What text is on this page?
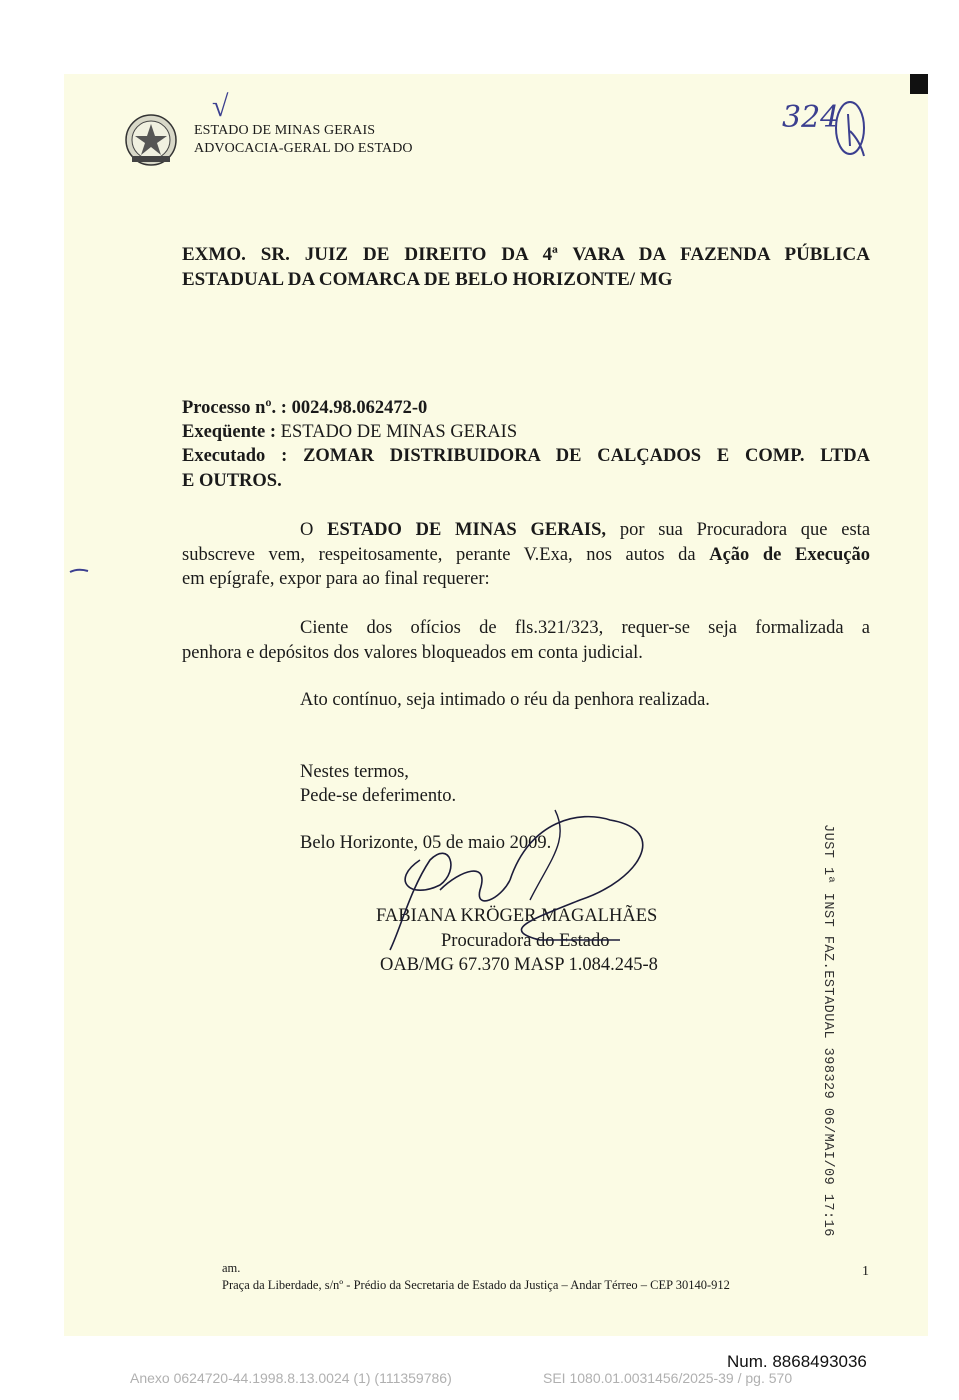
ESTADO DE MINAS GERAIS
ADVOCACIA-GERAL DO ESTADO
√	324
EXMO. SR. JUIZ DE DIREITO DA 4ª VARA DA FAZENDA PÚBLICA
ESTADUAL DA COMARCA DE BELO HORIZONTE/ MG
Processo nº. : 0024.98.062472-0
Exeqüente : ESTADO DE MINAS GERAIS
Executado : ZOMAR DISTRIBUIDORA DE CALÇADOS E COMP. LTDA
E OUTROS.
O ESTADO DE MINAS GERAIS, por sua Procuradora que esta
subscreve vem, respeitosamente, perante V.Exa, nos autos da Ação de Execução
em epígrafe, expor para ao final requerer:
Ciente dos ofícios de fls.321/323, requer-se seja formalizada a
penhora e depósitos dos valores bloqueados em conta judicial.
Ato contínuo, seja intimado o réu da penhora realizada.
Nestes termos,
Pede-se deferimento.
Belo Horizonte, 05 de maio 2009.
FABIANA KRÖGER MAGALHÃES
Procuradora do Estado
OAB/MG 67.370 MASP 1.084.245-8	JUST 1ª INST FAZ.ESTADUAL 398329 06/MAI/09 17:16
am.
Praça da Liberdade, s/nº - Prédio da Secretaria de Estado da Justiça – Andar Térreo – CEP 30140-912
1
Num. 8868493036
Anexo 0624720-44.1998.8.13.0024 (1) (111359786)	SEI 1080.01.0031456/2025-39 / pg. 570
